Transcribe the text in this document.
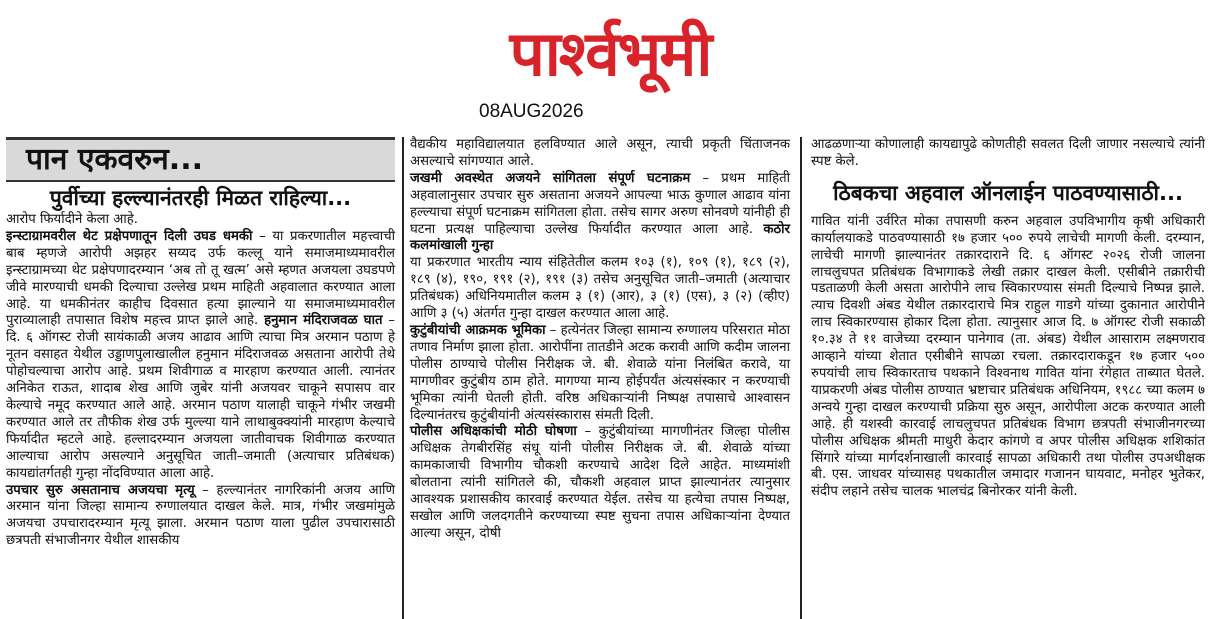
पार्श्वभूमी
08AUG2026
पान एकवरुन...
पुर्वीच्या हल्ल्यानंतरही मिळत राहिल्या...

आरोप फिर्यादीने केला आहे.

इन्स्टाग्रामवरील थेट प्रक्षेपणातून दिली उघड धमकी – या प्रकरणातील महत्त्वाची बाब म्हणजे आरोपी अझहर सय्यद उर्फ कल्लू याने समाजमाध्यमावरील इन्स्टाग्रामच्या थेट प्रक्षेपणादरम्यान ‘अब तो तू खत्म’ असे म्हणत अजयला उघडपणे जीवे मारण्याची धमकी दिल्याचा उल्लेख प्रथम माहिती अहवालात करण्यात आला आहे. या धमकीनंतर काहीच दिवसात हत्या झाल्याने या समाजमाध्यमावरील पुराव्यालाही तपासात विशेष महत्त्व प्राप्त झाले आहे. हनुमान मंदिराजवळ घात – दि. ६ ऑगस्ट रोजी सायंकाळी अजय आढाव आणि त्याचा मित्र अरमान पठाण हे नूतन वसाहत येथील उड्डाणपुलाखालील हनुमान मंदिराजवळ असताना आरोपी तेथे पोहोचल्याचा आरोप आहे. प्रथम शिवीगाळ व मारहाण करण्यात आली. त्यानंतर अनिकेत राऊत, शादाब शेख आणि जुबेर यांनी अजयवर चाकूने सपासप वार केल्याचे नमूद करण्यात आले आहे. अरमान पठाण यालाही चाकूने गंभीर जखमी करण्यात आले तर तौफीक शेख उर्फ मुल्ल्या याने लाथाबुक्क्यांनी मारहाण केल्याचे फिर्यादीत म्हटले आहे. हल्लादरम्यान अजयला जातीवाचक शिवीगाळ करण्यात आल्याचा आरोप असल्याने अनुसूचित जाती–जमाती (अत्याचार प्रतिबंधक) कायद्यांतर्गतही गुन्हा नोंदविण्यात आला आहे.

उपचार सुरु असतानाच अजयचा मृत्यू – हल्ल्यानंतर नागरिकांनी अजय आणि अरमान यांना जिल्हा सामान्य रुग्णालयात दाखल केले. मात्र, गंभीर जखमांमुळे अजयचा उपचारादरम्यान मृत्यू झाला. अरमान पठाण याला पुढील उपचारासाठी छत्रपती संभाजीनगर येथील शासकीय

वैद्यकीय महाविद्यालयात हलविण्यात आले असून, त्याची प्रकृती चिंताजनक असल्याचे सांगण्यात आले.

जखमी अवस्थेत अजयने सांगितला संपूर्ण घटनाक्रम – प्रथम माहिती अहवालानुसार उपचार सुरु असताना अजयने आपल्या भाऊ कुणाल आढाव यांना हल्ल्याचा संपूर्ण घटनाक्रम सांगितला होता. तसेच सागर अरुण सोनवणे यांनीही ही घटना प्रत्यक्ष पाहिल्याचा उल्लेख फिर्यादीत करण्यात आला आहे. कठोर कलमांखाली गुन्हा

या प्रकरणात भारतीय न्याय संहितेतील कलम १०३ (१), १०९ (१), १८९ (२), १८९ (४), १९०, १९१ (२), १९१ (३) तसेच अनुसूचित जाती–जमाती (अत्याचार प्रतिबंधक) अधिनियमातील कलम ३ (१) (आर), ३ (१) (एस), ३ (२) (व्हीए) आणि ३ (५) अंतर्गत गुन्हा दाखल करण्यात आला आहे.

कुटुंबीयांची आक्रमक भूमिका – हत्येनंतर जिल्हा सामान्य रुग्णालय परिसरात मोठा तणाव निर्माण झाला होता. आरोपींना तातडीने अटक करावी आणि कदीम जालना पोलीस ठाण्याचे पोलीस निरीक्षक जे. बी. शेवाळे यांना निलंबित करावे, या मागणीवर कुटुंबीय ठाम होते. मागण्या मान्य होईपर्यंत अंत्यसंस्कार न करण्याची भूमिका त्यांनी घेतली होती. वरिष्ठ अधिकाऱ्यांनी निष्पक्ष तपासाचे आश्वासन दिल्यानंतरच कुटुंबीयांनी अंत्यसंस्कारास संमती दिली.

पोलीस अधिक्षकांची मोठी घोषणा – कुटुंबीयांच्या मागणीनंतर जिल्हा पोलीस अधिक्षक तेगबीरसिंह संधू यांनी पोलीस निरीक्षक जे. बी. शेवाळे यांच्या कामकाजाची विभागीय चौकशी करण्याचे आदेश दिले आहेत. माध्यमांशी बोलताना त्यांनी सांगितले की, चौकशी अहवाल प्राप्त झाल्यानंतर त्यानुसार आवश्यक प्रशासकीय कारवाई करण्यात येईल. तसेच या हत्येचा तपास निष्पक्ष, सखोल आणि जलदगतीने करण्याच्या स्पष्ट सुचना तपास अधिकाऱ्यांना देण्यात आल्या असून, दोषी

आढळणाऱ्या कोणालाही कायद्यापुढे कोणतीही सवलत दिली जाणार नसल्याचे त्यांनी स्पष्ट केले.

ठिबकचा अहवाल ऑनलाईन पाठवण्यासाठी...

गावित यांनी उर्वरित मोका तपासणी करुन अहवाल उपविभागीय कृषी अधिकारी कार्यालयाकडे पाठवण्यासाठी १७ हजार ५०० रुपये लाचेची मागणी केली. दरम्यान, लाचेची मागणी झाल्यानंतर तक्रारदाराने दि. ६ ऑगस्ट २०२६ रोजी जालना लाचलुचपत प्रतिबंधक विभागाकडे लेखी तक्रार दाखल केली. एसीबीने तक्रारीची पडताळणी केली असता आरोपीने लाच स्विकारण्यास संमती दिल्याचे निष्पन्न झाले. त्याच दिवशी अंबड येथील तक्रारदाराचे मित्र राहुल गाडगे यांच्या दुकानात आरोपीने लाच स्विकारण्यास होकार दिला होता. त्यानुसार आज दि. ७ ऑगस्ट रोजी सकाळी १०.३४ ते ११ वाजेच्या दरम्यान पानेगाव (ता. अंबड) येथील आसाराम लक्ष्मणराव आव्हाने यांच्या शेतात एसीबीने सापळा रचला. तक्रारदाराकडून १७ हजार ५०० रुपयांची लाच स्विकारताच पथकाने विश्वनाथ गावित यांना रंगेहात ताब्यात घेतले. याप्रकरणी अंबड पोलीस ठाण्यात भ्रष्टाचार प्रतिबंधक अधिनियम, १९८८ च्या कलम ७ अन्वये गुन्हा दाखल करण्याची प्रक्रिया सुरु असून, आरोपीला अटक करण्यात आली आहे. ही यशस्वी कारवाई लाचलुचपत प्रतिबंधक विभाग छत्रपती संभाजीनगरच्या पोलीस अधिक्षक श्रीमती माधुरी केदार कांगणे व अपर पोलीस अधिक्षक शशिकांत सिंगारे यांच्या मार्गदर्शनाखाली कारवाई सापळा अधिकारी तथा पोलीस उपअधीक्षक बी. एस. जाधवर यांच्यासह पथकातील जमादार गजानन घायवाट, मनोहर भुतेकर, संदीप लहाने तसेच चालक भालचंद्र बिनोरकर यांनी केली.
